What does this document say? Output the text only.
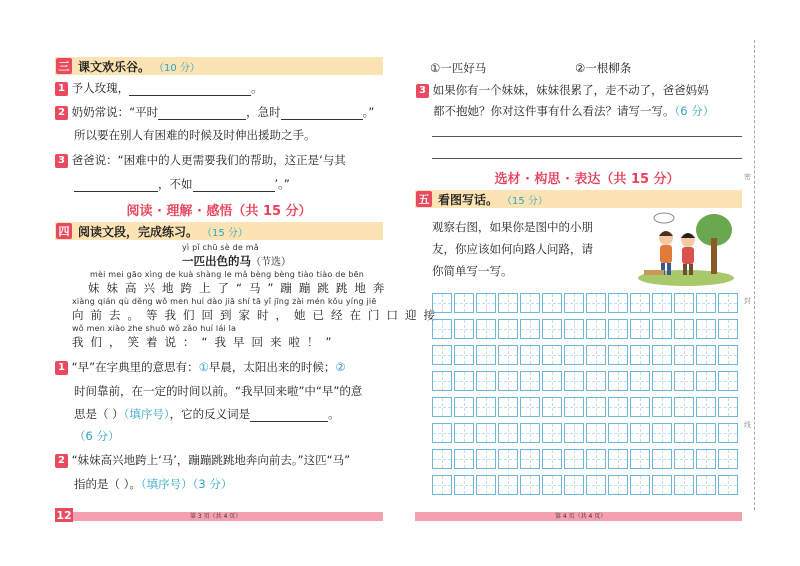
三 课文欢乐谷。 （10 分）
1 予人玫瑰，	。
2 奶奶常说：“平时	，急时	。”
所以要在别人有困难的时候及时伸出援助之手。
3 爸爸说：“困难中的人更需要我们的帮助，这正是‘与其
，不如	’。”
阅读 · 理解 · 感悟（共 15 分）
四 阅读文段，完成练习。 （15 分）
yì pǐ chū sè de mǎ
一匹出色的马（节选）
mèi mei gāo xìng de kuà shàng le mǎ bèng bèng tiào tiào de bēn
妹妹高兴地跨上了“马”蹦蹦跳跳地奔
xiàng qián qù děng wǒ men huí dào jiā shí tā yǐ jīng zài mén kǒu yíng jiē
向前去。等我们回到家时，她已经在门口迎接
wǒ men xiào zhe shuō wǒ zǎo huí lái la
我们，笑着说：“我早回来啦！”
1 “早”在字典里的意思有：①早晨，太阳出来的时候；②
时间靠前，在一定的时间以前。“我早回来啦”中“早”的意
思是（ ）（填序号），它的反义词是	。
（6 分）
2 “妹妹高兴地跨上‘马’，蹦蹦跳跳地奔向前去。”这匹“马”
指的是（ ）。（填序号）（3 分）
12	第 3 页（共 4 页）
①一匹好马	②一根柳条
3 如果你有一个妹妹，妹妹很累了，走不动了，爸爸妈妈
都不抱她？你对这件事有什么看法？请写一写。（6 分）
选材 · 构思 · 表达（共 15 分）
五 看图写话。 （15 分）
观察右图，如果你是图中的小朋
友，你应该如何向路人问路，请
你简单写一写。
第 4 页（共 4 页）
密
封
线
